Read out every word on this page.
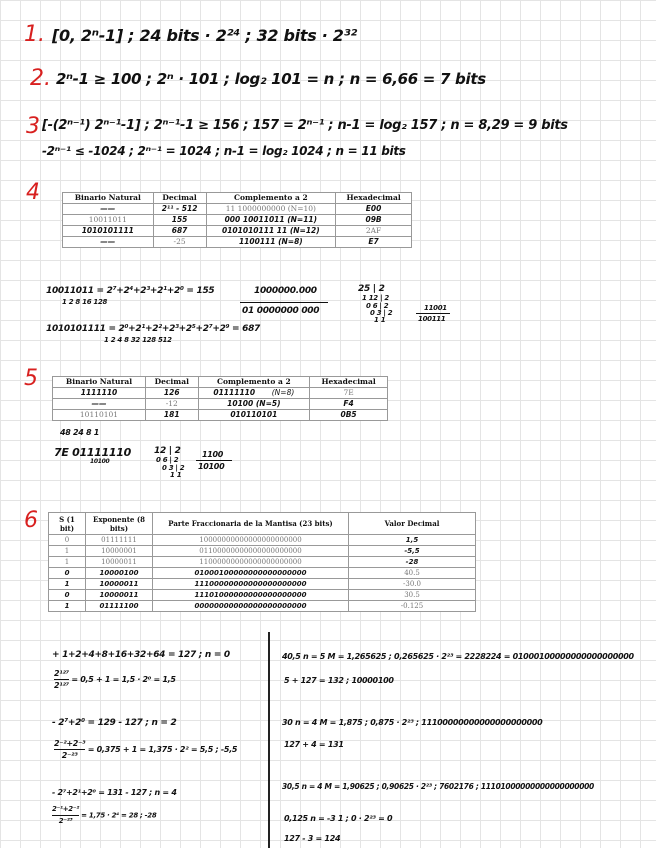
1. [0, 2ⁿ-1] ; 24 bits · 2²⁴ ; 32 bits · 2³²
2. 2ⁿ-1 ≥ 100 ; 2ⁿ · 101 ; log₂ 101 = n ; n = 6,66 = 7 bits
3 [-(2ⁿ⁻¹) 2ⁿ⁻¹-1] ; 2ⁿ⁻¹-1 ≥ 156 ; 157 = 2ⁿ⁻¹ ; n-1 = log₂ 157 ; n = 8,29 = 9 bits
-2ⁿ⁻¹ ≤ -1024 ; 2ⁿ⁻¹ = 1024 ; n-1 = log₂ 1024 ; n = 11 bits
4	Binario Natural	Decimal	Complemento a 2	Hexadecimal
——	2¹¹ - 512	11 1000000000 (N=10)	E00
10011011	155	000 10011011 (N=11)	09B
1010101111	687	0101010111 11 (N=12)	2AF
——	-25	1100111 (N=8)	E7
10011011 = 2⁷+2⁴+2³+2¹+2⁰ = 155
1 2 8 16 128
1010101111 = 2⁰+2¹+2²+2³+2⁵+2⁷+2⁹ = 687
1 2 4 8 32 128 512
1000000.000
01 0000000 000
25 | 2
1 12 | 2
0 6 | 2
0 3 | 2
1 1
11001
100111
5	Binario Natural	Decimal	Complemento a 2	Hexadecimal
1111110	126	01111110 (N=8)	7E
——	-12	10100 (N=5)	F4
10110101	181	010110101	0B5
48 24 8 1
7E 01111110
10100
12 | 2
0 6 | 2
0 3 | 2
1 1
1100
10100
6	S (1 bit)	Exponente (8 bits)	Parte Fraccionaria de la Mantisa (23 bits)	Valor Decimal
0	01111111	10000000000000000000000	1,5
1	10000001	01100000000000000000000	-5,5
1	10000011	11000000000000000000000	-28
0	10000100	01000100000000000000000	40.5
1	10000011	11100000000000000000000	-30.0
0	10000011	11101000000000000000000	30.5
1	01111100	00000000000000000000000	-0.125
+ 1+2+4+8+16+32+64 = 127 ; n = 0
$\frac{\text{2¹²⁷}}{\text{2¹²⁷}} = 0,5 + 1 = 1,5 \cdot 2^0 = 1,5$
- 2⁷+2⁰ = 129 - 127 ; n = 2
$\frac{\text{2⁻²+2⁻³}}{\text{2⁻²³}} = 0,375 + 1 = 1,375 \cdot 2^2 = 5,5$ ; -5,5
- 2⁷+2¹+2⁰ = 131 - 127 ; n = 4
$\frac{\text{2⁻¹+2⁻²}}{\text{2⁻²³}} = 1,75 \cdot 2^4 = 28$ ; -28
40,5 n = 5 M = 1,265625 ; 0,265625 · 2²³ = 2228224 = 01000100000000000000000
5 + 127 = 132 ; 10000100
30 n = 4 M = 1,875 ; 0,875 · 2²³ ; 11100000000000000000000
127 + 4 = 131
30,5 n = 4 M = 1,90625 ; 0,90625 · 2²³ ; 7602176 ; 11101000000000000000000
0,125 n = -3 1 ; 0 · 2²³ = 0
127 - 3 = 124
